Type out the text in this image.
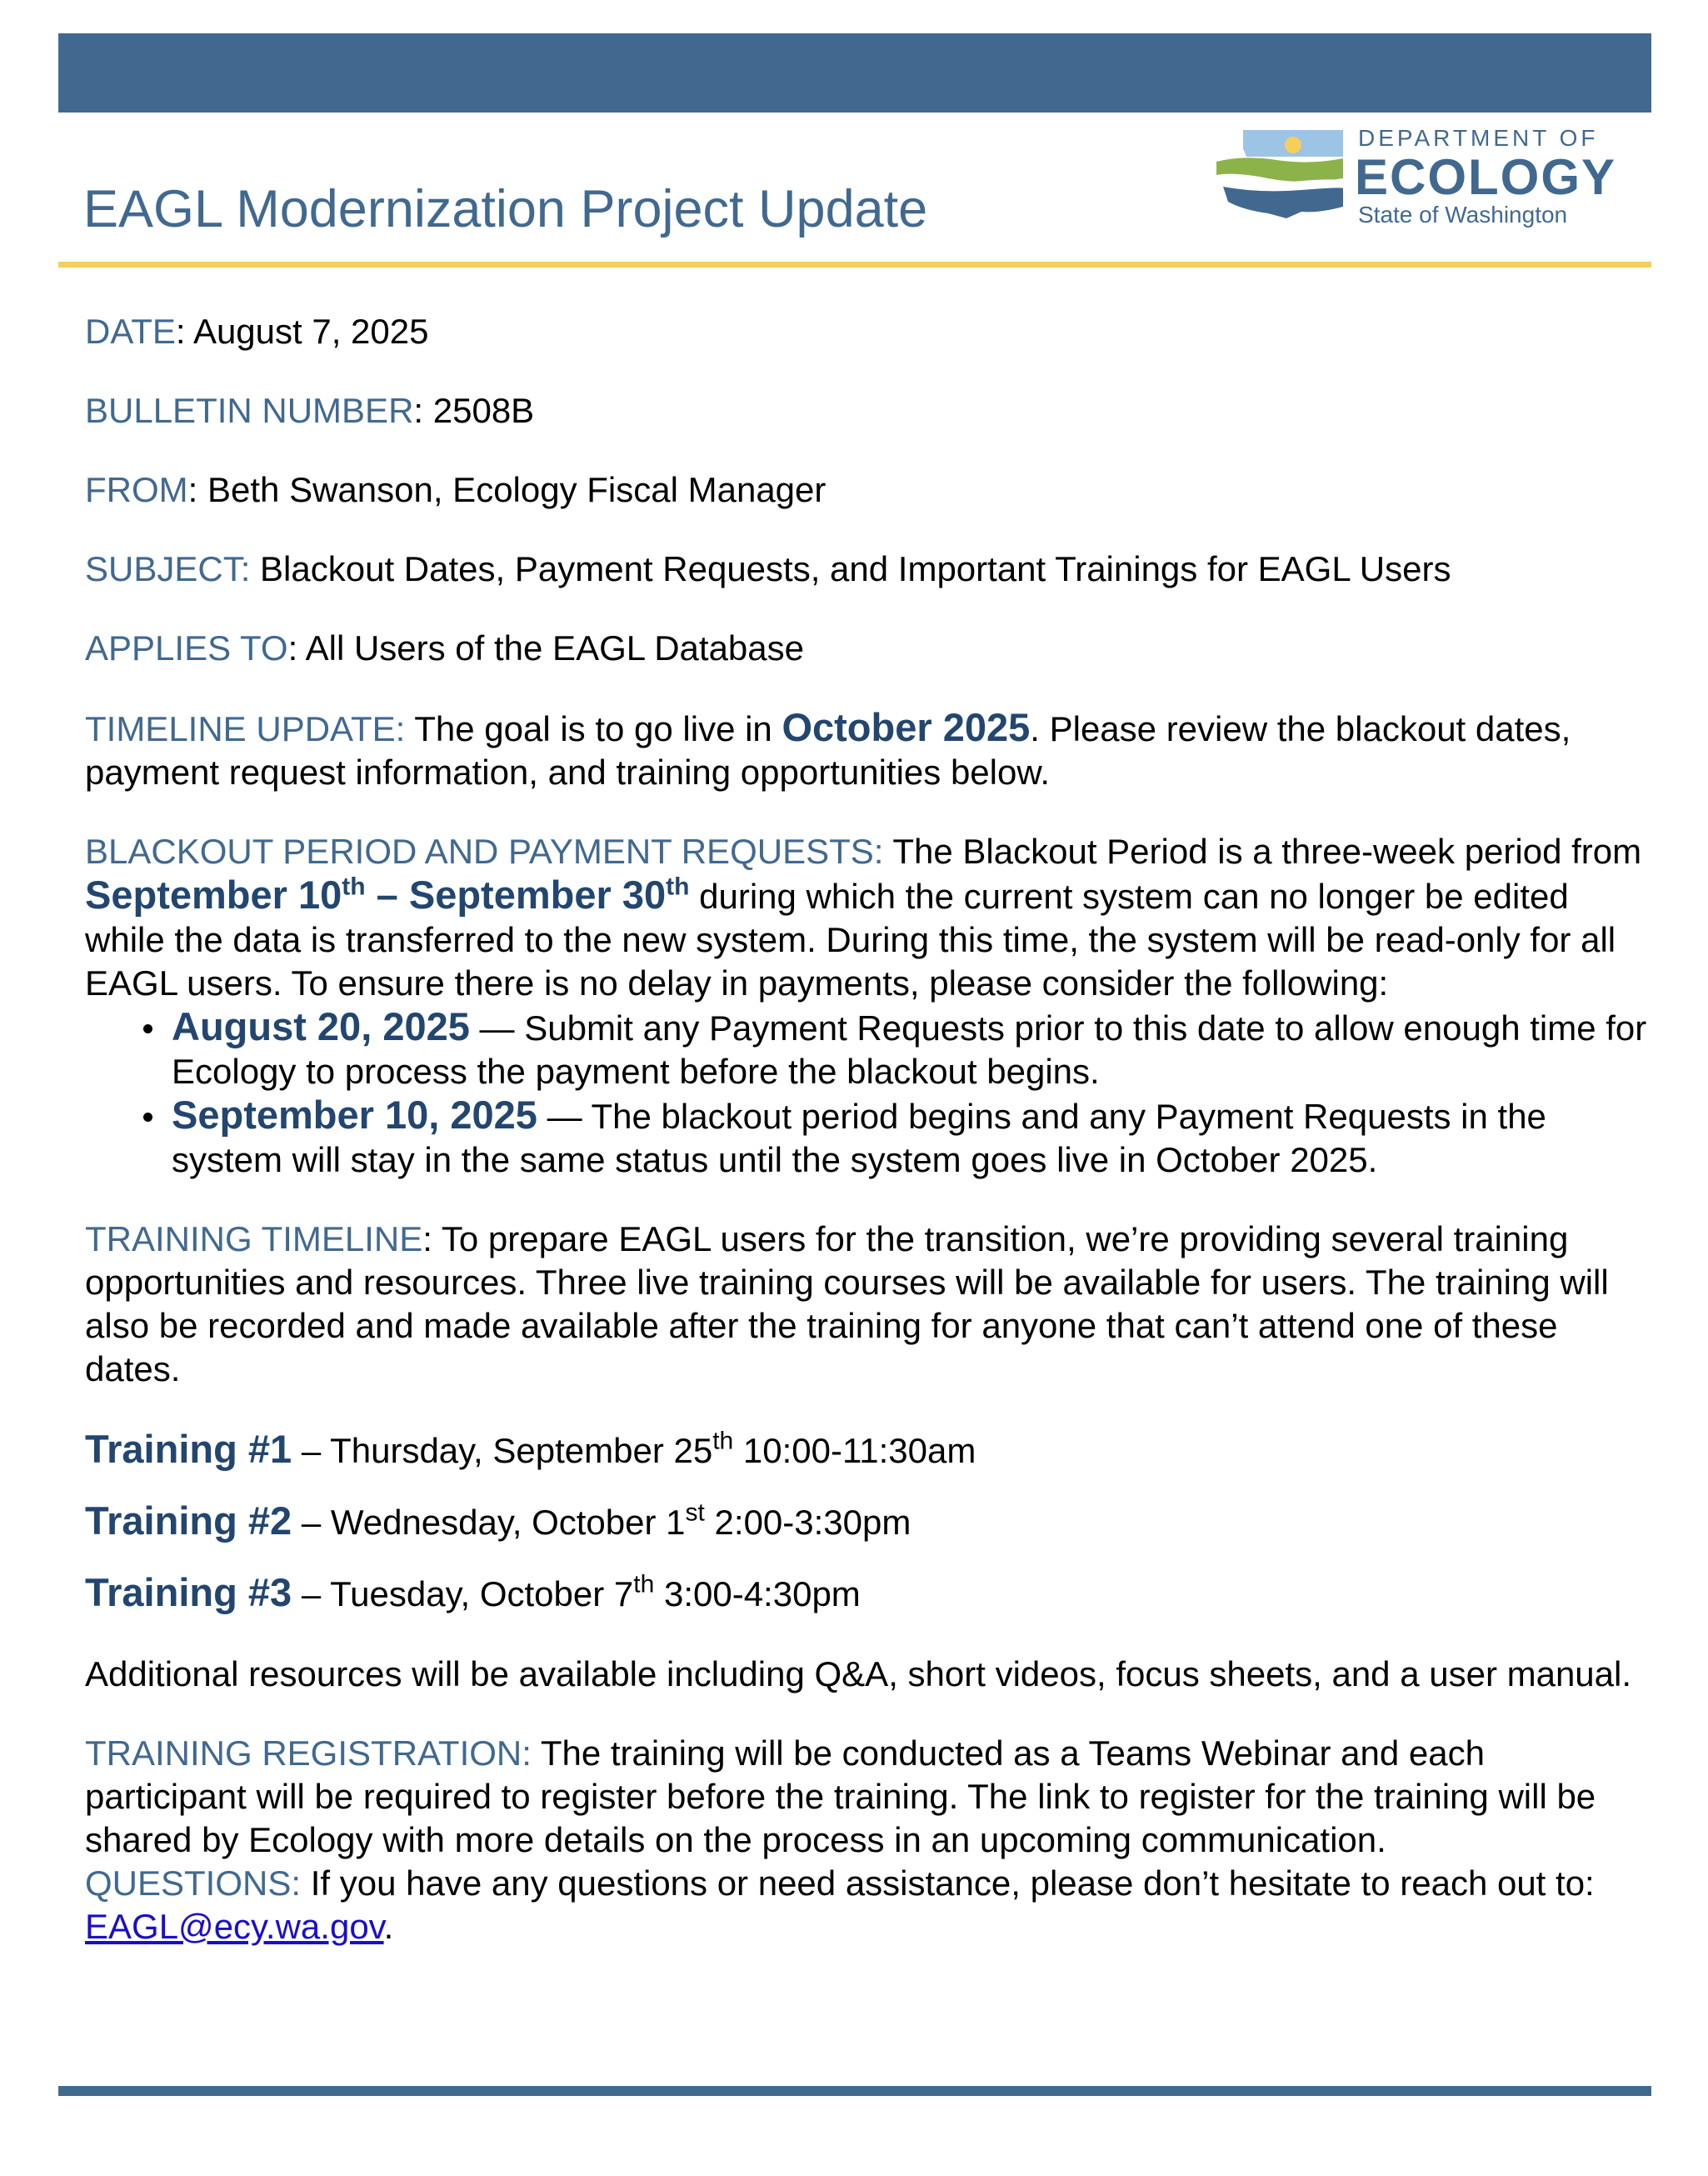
EAGL Modernization Project Update
DEPARTMENT OF
ECOLOGY
State of Washington

DATE: August 7, 2025

BULLETIN NUMBER: 2508B

FROM: Beth Swanson, Ecology Fiscal Manager

SUBJECT: Blackout Dates, Payment Requests, and Important Trainings for EAGL Users

APPLIES TO: All Users of the EAGL Database

TIMELINE UPDATE: The goal is to go live in October 2025. Please review the blackout dates, payment request information, and training opportunities below.

BLACKOUT PERIOD AND PAYMENT REQUESTS: The Blackout Period is a three-week period from September 10th – September 30th during which the current system can no longer be edited while the data is transferred to the new system. During this time, the system will be read-only for all EAGL users. To ensure there is no delay in payments, please consider the following:

August 20, 2025 — Submit any Payment Requests prior to this date to allow enough time for Ecology to process the payment before the blackout begins.

September 10, 2025 — The blackout period begins and any Payment Requests in the system will stay in the same status until the system goes live in October 2025.

TRAINING TIMELINE: To prepare EAGL users for the transition, we’re providing several training opportunities and resources. Three live training courses will be available for users. The training will also be recorded and made available after the training for anyone that can’t attend one of these dates.

Training #1 – Thursday, September 25th 10:00-11:30am

Training #2 – Wednesday, October 1st 2:00-3:30pm

Training #3 – Tuesday, October 7th 3:00-4:30pm

Additional resources will be available including Q&A, short videos, focus sheets, and a user manual.

TRAINING REGISTRATION: The training will be conducted as a Teams Webinar and each participant will be required to register before the training. The link to register for the training will be shared by Ecology with more details on the process in an upcoming communication.

QUESTIONS: If you have any questions or need assistance, please don’t hesitate to reach out to: EAGL@ecy.wa.gov.
